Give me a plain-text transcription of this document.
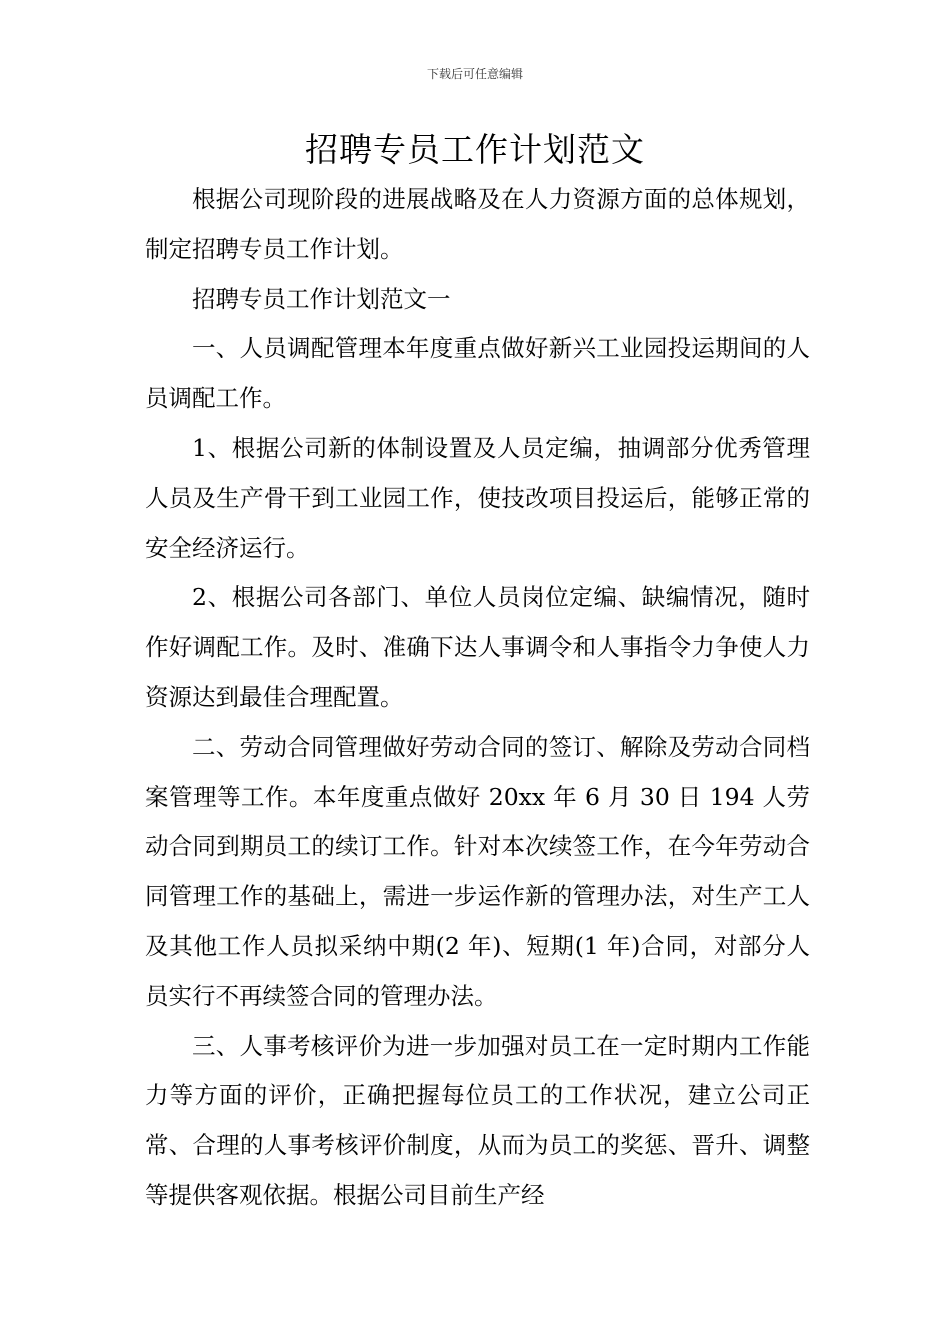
下载后可任意编辑
招聘专员工作计划范文

根据公司现阶段的进展战略及在人力资源方面的总体规划，制定招聘专员工作计划。

招聘专员工作计划范文一

一、人员调配管理本年度重点做好新兴工业园投运期间的人员调配工作。

1、根据公司新的体制设置及人员定编，抽调部分优秀管理人员及生产骨干到工业园工作，使技改项目投运后，能够正常的安全经济运行。

2、根据公司各部门、单位人员岗位定编、缺编情况，随时作好调配工作。及时、准确下达人事调令和人事指令力争使人力资源达到最佳合理配置。

二、劳动合同管理做好劳动合同的签订、解除及劳动合同档案管理等工作。本年度重点做好 20xx 年 6 月 30 日 194 人劳动合同到期员工的续订工作。针对本次续签工作，在今年劳动合同管理工作的基础上，需进一步运作新的管理办法，对生产工人及其他工作人员拟采纳中期(2 年)、短期(1 年)合同，对部分人员实行不再续签合同的管理办法。

三、人事考核评价为进一步加强对员工在一定时期内工作能力等方面的评价，正确把握每位员工的工作状况，建立公司正常、合理的人事考核评价制度，从而为员工的奖惩、晋升、调整等提供客观依据。根据公司目前生产经
